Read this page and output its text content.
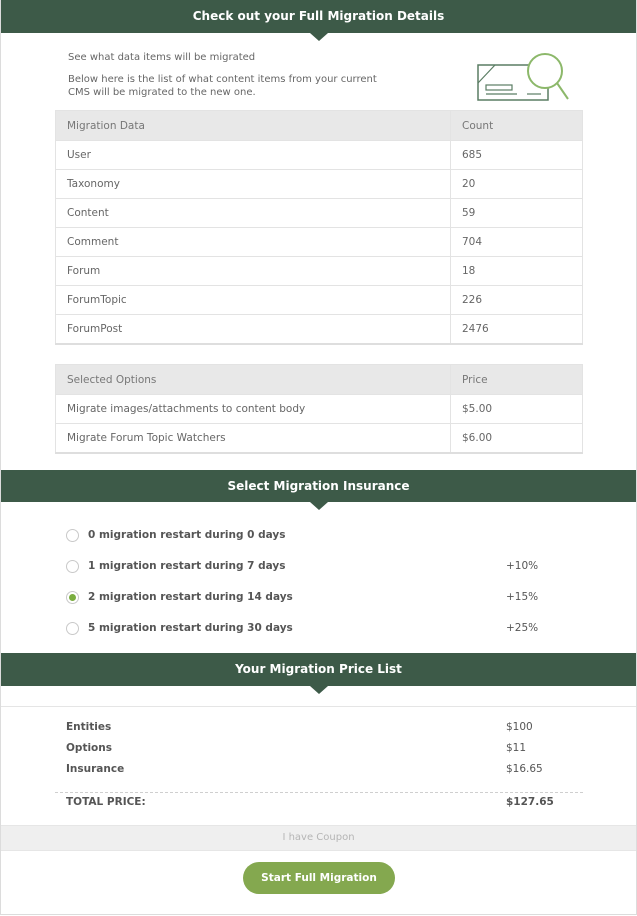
Check out your Full Migration Details
See what data items will be migrated
Below here is the list of what content items from your current CMS will be migrated to the new one.
Migration Data	Count
User	685
Taxonomy	20
Content	59
Comment	704
Forum	18
ForumTopic	226
ForumPost	2476
Selected Options	Price
Migrate images/attachments to content body	$5.00
Migrate Forum Topic Watchers	$6.00
Select Migration Insurance
0 migration restart during 0 days
1 migration restart during 7 days	+10%
2 migration restart during 14 days	+15%
5 migration restart during 30 days	+25%
Your Migration Price List
Entities	$100
Options	$11
Insurance	$16.65
TOTAL PRICE:	$127.65
I have Coupon
Start Full Migration
